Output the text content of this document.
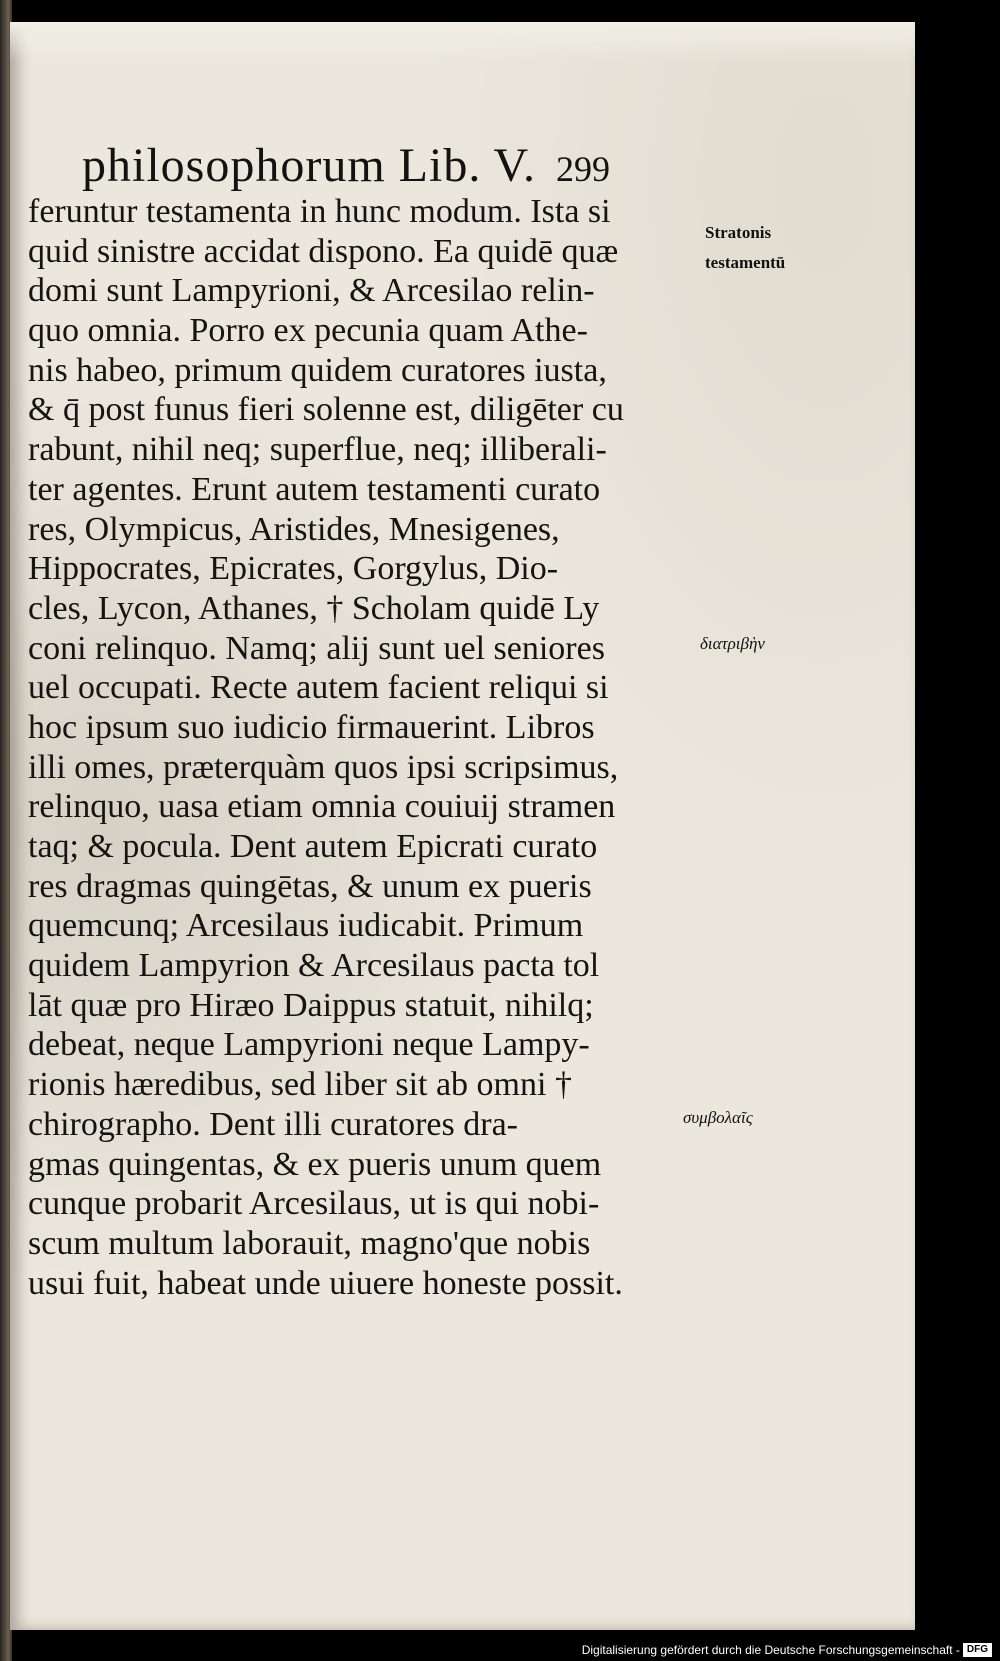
philosophorum Lib. V. 299
feruntur testamenta in hunc modum. Ista si
quid sinistre accidat dispono. Ea quidē quæ
domi sunt Lampyrioni, & Arcesilao relin-
quo omnia. Porro ex pecunia quam Athe-
nis habeo, primum quidem curatores iusta,
& q̄ post funus fieri solenne est, diligēter cu
rabunt, nihil neq; superflue, neq; illiberali-
ter agentes. Erunt autem testamenti curato
res, Olympicus, Aristides, Mnesigenes,
Hippocrates, Epicrates, Gorgylus, Dio-
cles, Lycon, Athanes, † Scholam quidē Ly
coni relinquo. Namq; alij sunt uel seniores
uel occupati. Recte autem facient reliqui si
hoc ipsum suo iudicio firmauerint. Libros
illi omes, præterquàm quos ipsi scripsimus,
relinquo, uasa etiam omnia couiuij stramen
taq; & pocula. Dent autem Epicrati curato
res dragmas quingētas, & unum ex pueris
quemcunq; Arcesilaus iudicabit. Primum
quidem Lampyrion & Arcesilaus pacta tol
lāt quæ pro Hiræo Daippus statuit, nihilq;
debeat, neque Lampyrioni neque Lampy-
rionis hæredibus, sed liber sit ab omni †
chirographo. Dent illi curatores dra-
gmas quingentas, & ex pueris unum quem
cunque probarit Arcesilaus, ut is qui nobi-
scum multum laborauit, magno'que nobis
usui fuit, habeat unde uiuere honeste possit.
Stratonis
testamentū
διατριβὴν
συμβολαῖς
Digitalisierung gefördert durch die Deutsche Forschungsgemeinschaft - DFG
